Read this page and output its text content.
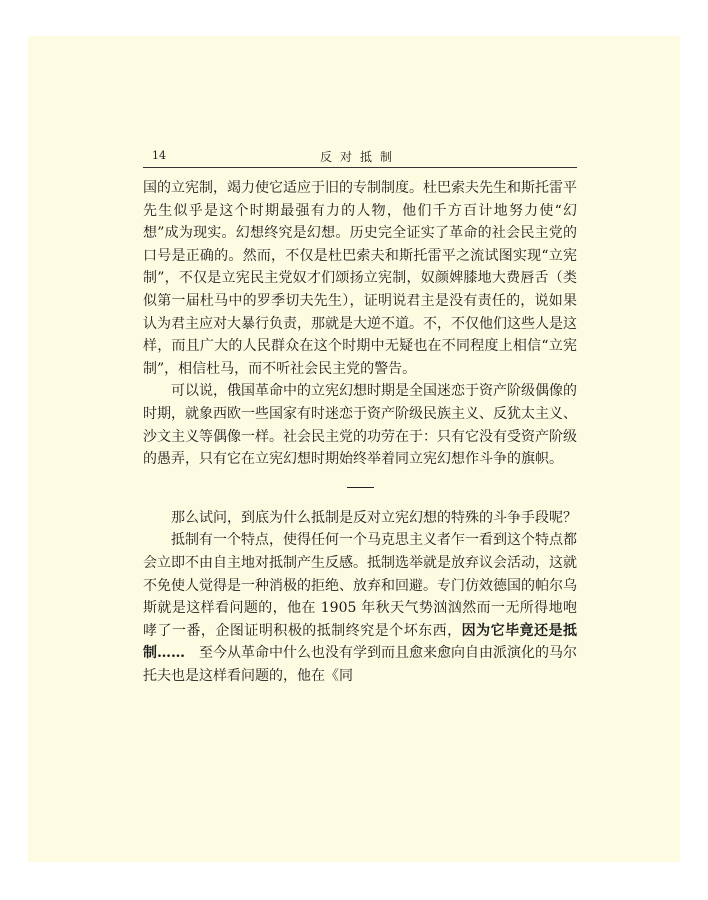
14	反对抵制

国的立宪制，竭力使它适应于旧的专制制度。杜巴索夫先生和斯托雷平先生似乎是这个时期最强有力的人物，他们千方百计地努力使“幻想”成为现实。幻想终究是幻想。历史完全证实了革命的社会民主党的口号是正确的。然而，不仅是杜巴索夫和斯托雷平之流试图实现“立宪制”，不仅是立宪民主党奴才们颂扬立宪制，奴颜婢膝地大费唇舌（类似第一届杜马中的罗季切夫先生），证明说君主是没有责任的，说如果认为君主应对大暴行负责，那就是大逆不道。不，不仅他们这些人是这样，而且广大的人民群众在这个时期中无疑也在不同程度上相信“立宪制”，相信杜马，而不听社会民主党的警告。

可以说，俄国革命中的立宪幻想时期是全国迷恋于资产阶级偶像的时期，就象西欧一些国家有时迷恋于资产阶级民族主义、反犹太主义、沙文主义等偶像一样。社会民主党的功劳在于：只有它没有受资产阶级的愚弄，只有它在立宪幻想时期始终举着同立宪幻想作斗争的旗帜。

那么试问，到底为什么抵制是反对立宪幻想的特殊的斗争手段呢？

抵制有一个特点，使得任何一个马克思主义者乍一看到这个特点都会立即不由自主地对抵制产生反感。抵制选举就是放弃议会活动，这就不免使人觉得是一种消极的拒绝、放弃和回避。专门仿效德国的帕尔乌斯就是这样看问题的，他在 1905 年秋天气势汹汹然而一无所得地咆哮了一番，企图证明积极的抵制终究是个坏东西，因为它毕竟还是抵制……　至今从革命中什么也没有学到而且愈来愈向自由派演化的马尔托夫也是这样看问题的，他在《同
